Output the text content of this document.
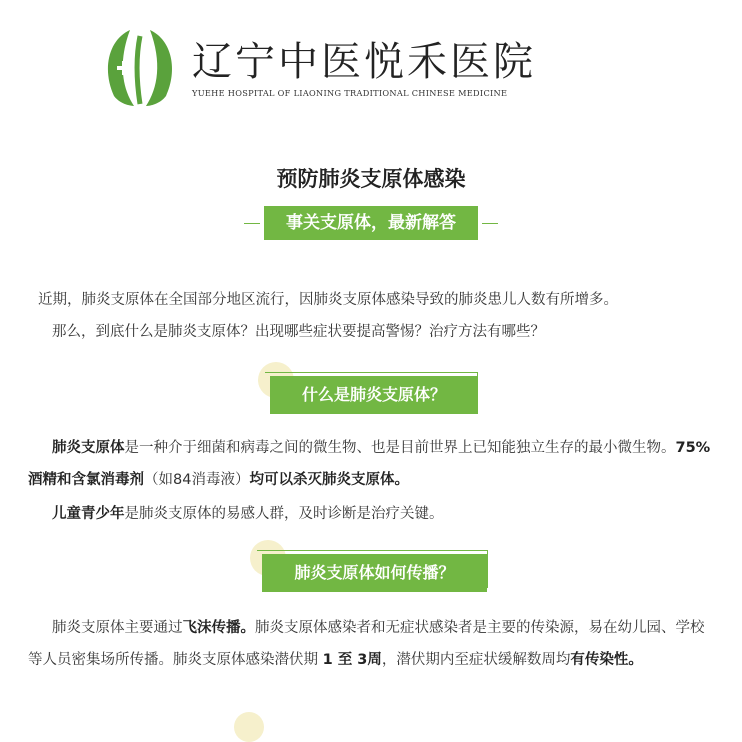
辽宁中医悦禾医院
YUEHE HOSPITAL OF LIAONING TRADITIONAL CHINESE MEDICINE
预防肺炎支原体感染
事关支原体，最新解答
近期，肺炎支原体在全国部分地区流行，因肺炎支原体感染导致的肺炎患儿人数有所增多。
那么，到底什么是肺炎支原体？出现哪些症状要提高警惕？治疗方法有哪些？
什么是肺炎支原体？
肺炎支原体是一种介于细菌和病毒之间的微生物、也是目前世界上已知能独立生存的最小微生物。75%酒精和含氯消毒剂（如84消毒液）均可以杀灭肺炎支原体。
儿童青少年是肺炎支原体的易感人群，及时诊断是治疗关键。
肺炎支原体如何传播？
肺炎支原体主要通过飞沫传播。肺炎支原体感染者和无症状感染者是主要的传染源，易在幼儿园、学校等人员密集场所传播。肺炎支原体感染潜伏期 1 至 3周，潜伏期内至症状缓解数周均有传染性。
